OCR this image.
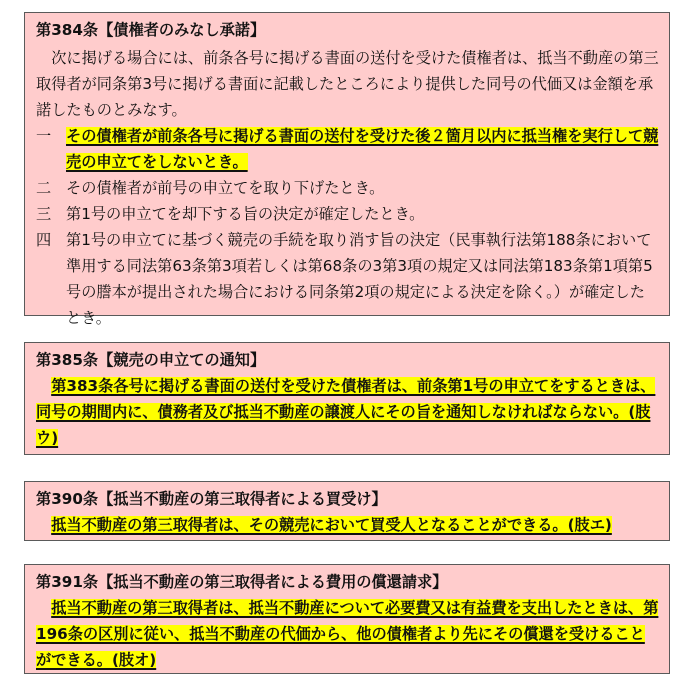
第384条【債権者のみなし承諾】
次に掲げる場合には、前条各号に掲げる書面の送付を受けた債権者は、抵当不動産の第三取得者が同条第3号に掲げる書面に記載したところにより提供した同号の代価又は金額を承諾したものとみなす。
一 その債権者が前条各号に掲げる書面の送付を受けた後２箇月以内に抵当権を実行して競売の申立てをしないとき。
二 その債権者が前号の申立てを取り下げたとき。
三 第1号の申立てを却下する旨の決定が確定したとき。
四 第1号の申立てに基づく競売の手続を取り消す旨の決定（民事執行法第188条において準用する同法第63条第3項若しくは第68条の3第3項の規定又は同法第183条第1項第5号の謄本が提出された場合における同条第2項の規定による決定を除く。）が確定したとき。
第385条【競売の申立ての通知】
第383条各号に掲げる書面の送付を受けた債権者は、前条第1号の申立てをするときは、同号の期間内に、債務者及び抵当不動産の譲渡人にその旨を通知しなければならない。(肢ウ)
第390条【抵当不動産の第三取得者による買受け】
抵当不動産の第三取得者は、その競売において買受人となることができる。(肢エ)
第391条【抵当不動産の第三取得者による費用の償還請求】
抵当不動産の第三取得者は、抵当不動産について必要費又は有益費を支出したときは、第196条の区別に従い、抵当不動産の代価から、他の債権者より先にその償還を受けることができる。(肢オ)
